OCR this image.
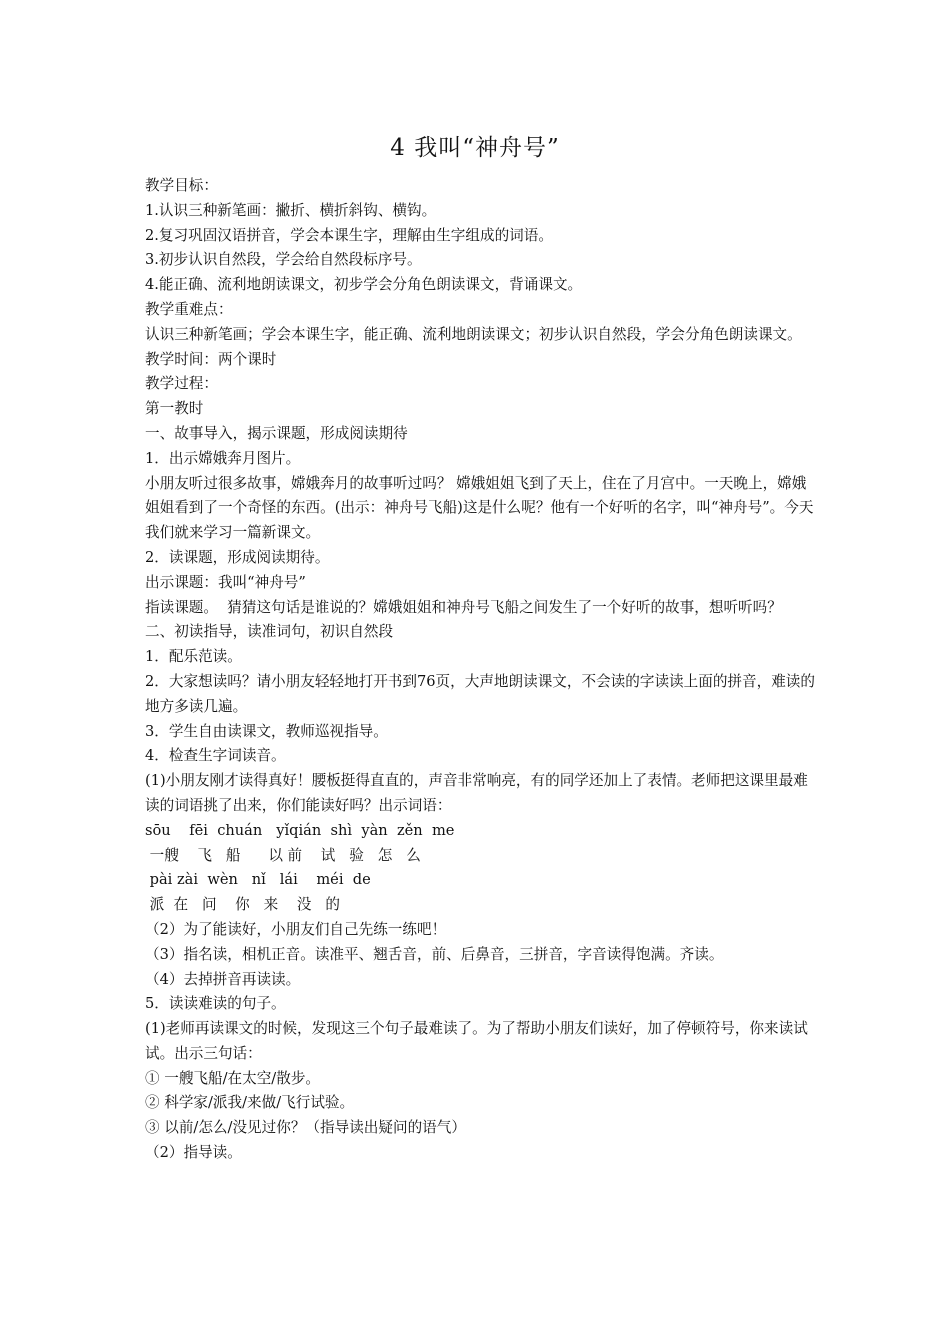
4 我叫“神舟号”

教学目标：

1.认识三种新笔画：撇折、横折斜钩、横钩。

2.复习巩固汉语拼音，学会本课生字，理解由生字组成的词语。

3.初步认识自然段，学会给自然段标序号。

4.能正确、流利地朗读课文，初步学会分角色朗读课文，背诵课文。

教学重难点：

认识三种新笔画；学会本课生字，能正确、流利地朗读课文；初步认识自然段，学会分角色朗读课文。

教学时间：两个课时

教学过程：

第一教时

一、故事导入，揭示课题，形成阅读期待

1．出示嫦娥奔月图片。

小朋友听过很多故事，嫦娥奔月的故事听过吗？ 嫦娥姐姐飞到了天上，住在了月宫中。一天晚上，嫦娥姐姐看到了一个奇怪的东西。(出示：神舟号飞船)这是什么呢？他有一个好听的名字，叫“神舟号”。今天我们就来学习一篇新课文。

2．读课题，形成阅读期待。

出示课题：我叫“神舟号”

指读课题。  猜猜这句话是谁说的？嫦娥姐姐和神舟号飞船之间发生了一个好听的故事，想听听吗？

二、初读指导，读准词句，初识自然段

1．配乐范读。

2．大家想读吗？请小朋友轻轻地打开书到76页，大声地朗读课文，不会读的字读读上面的拼音，难读的地方多读几遍。

3．学生自由读课文，教师巡视指导。

4．检查生字词读音。

(1)小朋友刚才读得真好！腰板挺得直直的，声音非常响亮，有的同学还加上了表情。老师把这课里最难读的词语挑了出来，你们能读好吗？出示词语：

sōu    fēi  chuán   yǐqián  shì  yàn  zěn  me

一艘    飞   船      以 前    试   验   怎   么

pài zài  wèn   nǐ   lái    méi  de

派  在   问    你   来    没   的

（2）为了能读好，小朋友们自己先练一练吧！

（3）指名读，相机正音。读准平、翘舌音，前、后鼻音，三拼音，字音读得饱满。齐读。

（4）去掉拼音再读读。

5．读读难读的句子。

(1)老师再读课文的时候，发现这三个句子最难读了。为了帮助小朋友们读好，加了停顿符号，你来读试试。出示三句话：

① 一艘飞船/在太空/散步。

② 科学家/派我/来做/飞行试验。

③ 以前/怎么/没见过你？（指导读出疑问的语气）

（2）指导读。
